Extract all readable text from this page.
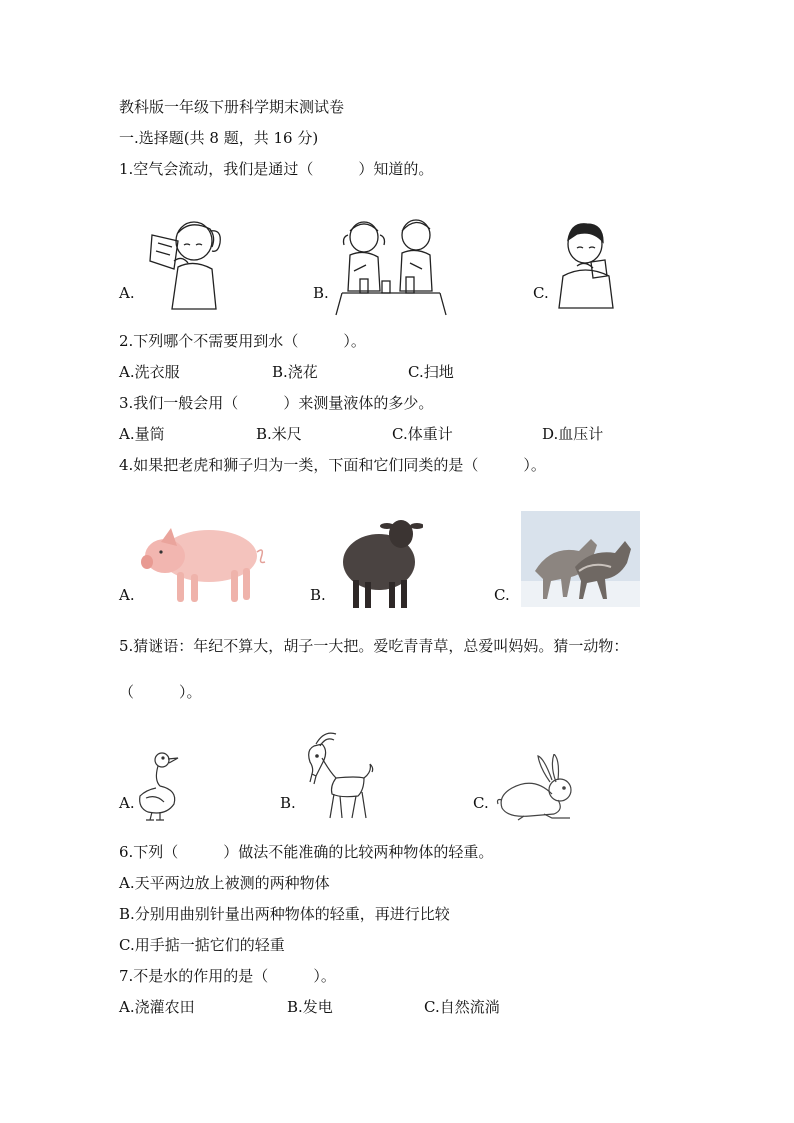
教科版一年级下册科学期末测试卷
一.选择题(共 8 题，共 16 分)
1.空气会流动，我们是通过（　　　）知道的。
A.	B.	C.
2.下列哪个不需要用到水（　　　）。
A.洗衣服	B.浇花	C.扫地
3.我们一般会用（　　　）来测量液体的多少。
A.量筒	B.米尺	C.体重计	D.血压计
4.如果把老虎和狮子归为一类，下面和它们同类的是（　　　）。
A.	B.	C.
5.猜谜语：年纪不算大，胡子一大把。爱吃青青草，总爱叫妈妈。猜一动物：
（　　　）。
A.	B.	C.
6.下列（　　　）做法不能准确的比较两种物体的轻重。
A.天平两边放上被测的两种物体
B.分别用曲别针量出两种物体的轻重，再进行比较
C.用手掂一掂它们的轻重
7.不是水的作用的是（　　　）。
A.浇灌农田	B.发电	C.自然流淌
